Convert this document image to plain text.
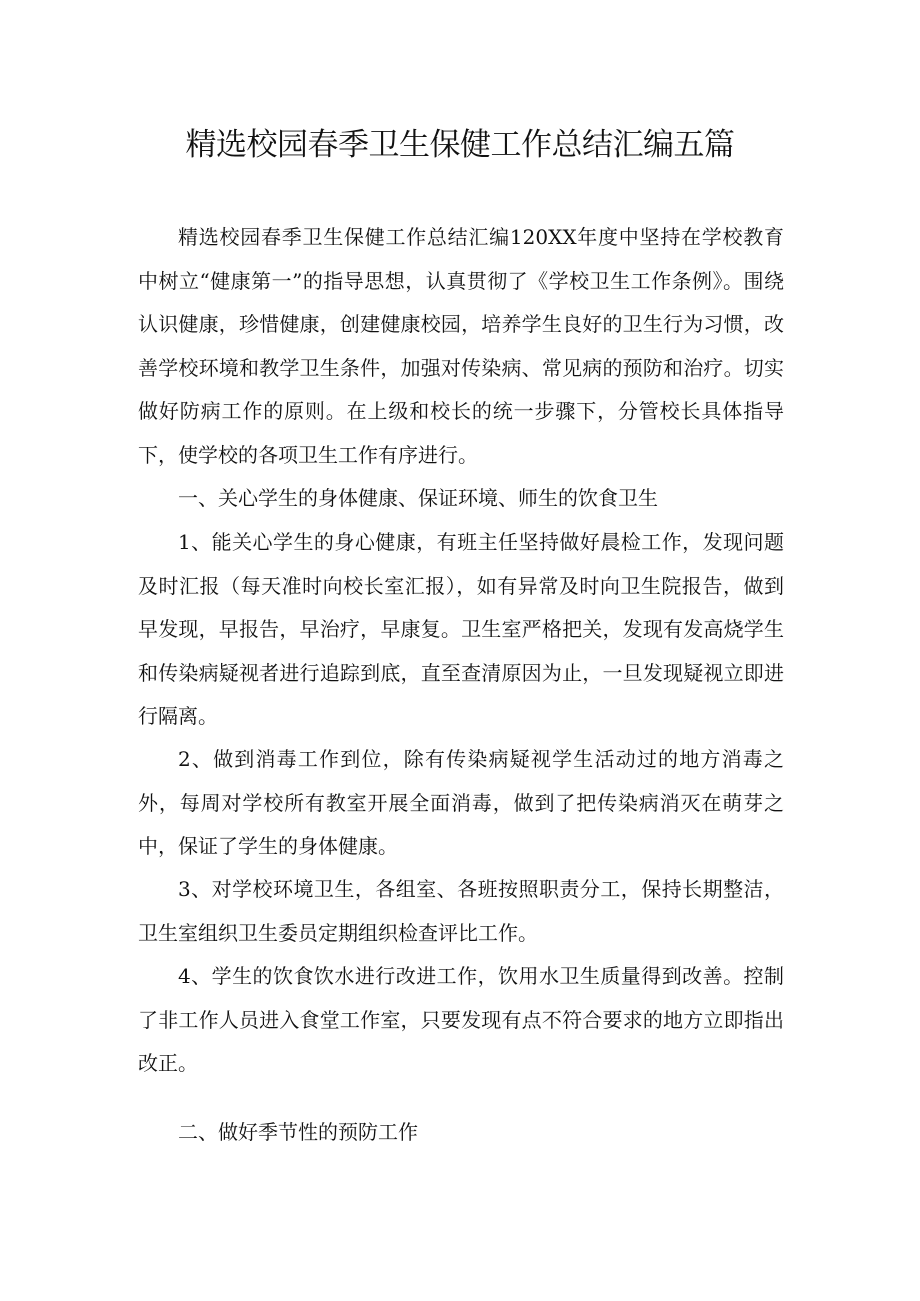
精选校园春季卫生保健工作总结汇编五篇

精选校园春季卫生保健工作总结汇编120XX年度中坚持在学校教育中树立“健康第一”的指导思想，认真贯彻了《学校卫生工作条例》。围绕认识健康，珍惜健康，创建健康校园，培养学生良好的卫生行为习惯，改善学校环境和教学卫生条件，加强对传染病、常见病的预防和治疗。切实做好防病工作的原则。在上级和校长的统一步骤下，分管校长具体指导下，使学校的各项卫生工作有序进行。

一、关心学生的身体健康、保证环境、师生的饮食卫生

1、能关心学生的身心健康，有班主任坚持做好晨检工作，发现问题及时汇报（每天准时向校长室汇报），如有异常及时向卫生院报告，做到早发现，早报告，早治疗，早康复。卫生室严格把关，发现有发高烧学生和传染病疑视者进行追踪到底，直至查清原因为止，一旦发现疑视立即进行隔离。

2、做到消毒工作到位，除有传染病疑视学生活动过的地方消毒之外，每周对学校所有教室开展全面消毒，做到了把传染病消灭在萌芽之中，保证了学生的身体健康。

3、对学校环境卫生，各组室、各班按照职责分工，保持长期整洁，卫生室组织卫生委员定期组织检查评比工作。

4、学生的饮食饮水进行改进工作，饮用水卫生质量得到改善。控制了非工作人员进入食堂工作室，只要发现有点不符合要求的地方立即指出改正。

二、做好季节性的预防工作
